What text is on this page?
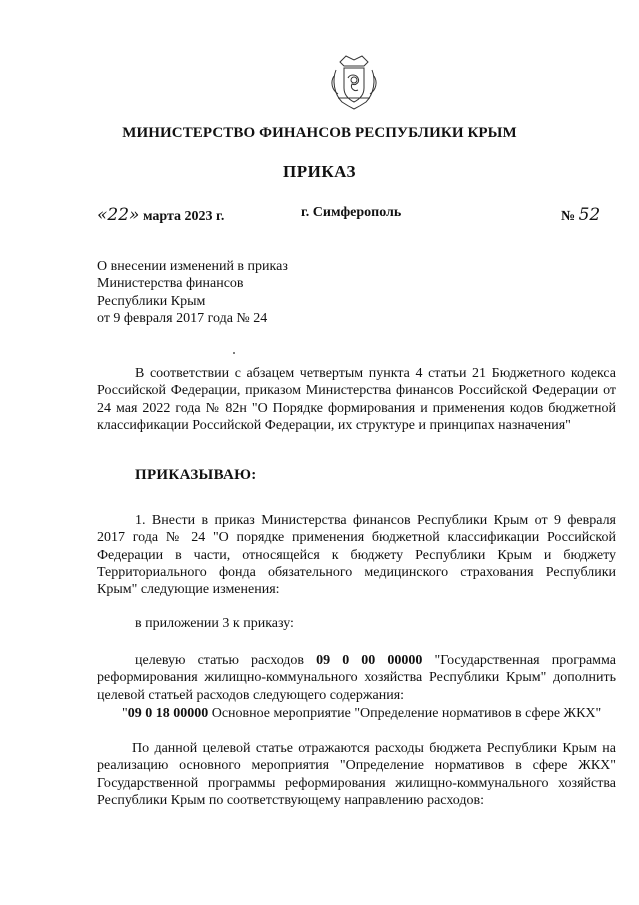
МИНИСТЕРСТВО ФИНАНСОВ РЕСПУБЛИКИ КРЫМ
ПРИКАЗ
«22» марта 2023 г.	г. Симферополь	№ 52
О внесении изменений в приказ
Министерства финансов
Республики Крым
от 9 февраля 2017 года № 24
В соответствии с абзацем четвертым пункта 4 статьи 21 Бюджетного кодекса Российской Федерации, приказом Министерства финансов Российской Федерации от 24 мая 2022 года № 82н "О Порядке формирования и применения кодов бюджетной классификации Российской Федерации, их структуре и принципах назначения"
ПРИКАЗЫВАЮ:
1. Внести в приказ Министерства финансов Республики Крым от 9 февраля 2017 года № 24 "О порядке применения бюджетной классификации Российской Федерации в части, относящейся к бюджету Республики Крым и бюджету Территориального фонда обязательного медицинского страхования Республики Крым" следующие изменения:
в приложении 3 к приказу:
целевую статью расходов 09 0 00 00000 "Государственная программа реформирования жилищно-коммунального хозяйства Республики Крым" дополнить целевой статьей расходов следующего содержания:
"09 0 18 00000 Основное мероприятие "Определение нормативов в сфере ЖКХ"
По данной целевой статье отражаются расходы бюджета Республики Крым на реализацию основного мероприятия "Определение нормативов в сфере ЖКХ" Государственной программы реформирования жилищно-коммунального хозяйства Республики Крым по соответствующему направлению расходов:
